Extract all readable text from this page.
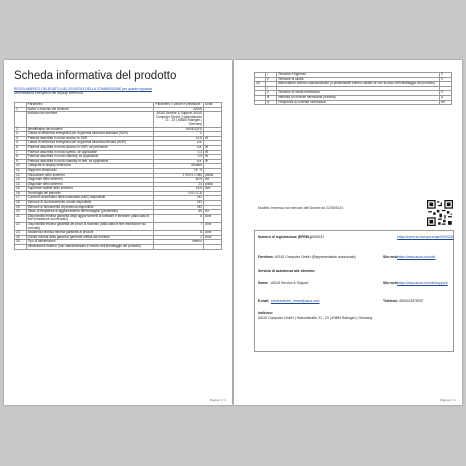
Scheda informativa del prodotto
REGOLAMENTO DELEGATO (UE) 2019/2013 DELLA COMMISSIONE per quanto riguarda
l'etichettatura energetica dei display elettronici
	Parametro	Parametro o valore e precisione	Unità
1.	Nome o marchio del fornitore	ASUS	
	Indirizzo del fornitore	ASUS Service & Support, ASUS Computer GmbH | Harkortstraße 21 - 23 | 40880 Ratingen | Germany	
2.	Identificativo del modello	VA24DQFS	
3.	Classe di efficienza energetica per la gamma dinamica standard (SDR)	C	
4.	Potenza assorbita in modo acceso in SDR	12.6	W
5.	Classe di efficienza energetica per la gamma dinamica elevata (HDR)	n.a.	
6.	Potenza assorbita in modo acceso in HDR, se pertinente	n.a.	W
7.	Potenza assorbita in modo spento, se applicabile	0.3	W
8.	Potenza assorbita in modo standby, se applicabile	0.5	W
9.	Potenza assorbita in modo standby in rete, se applicabile	n.a.	W
10.	Categoria di display elettronico	Monitor	
11.	Rapporto dimensioni	16 : 9	
12.	Risoluzione dello schermo	1 920 x 1 080	pixels
13.	Diagonale dello schermo	60.5	cm
14.	Diagonale dello schermo	24	pollici
15.	Superficie visibile dello schermo	15.6	dm²
16.	Tecnologia del pannello	LED LCD	
17.	Controllo automatico della luminosità (ABC) disponibile	NO	
18.	Sensore di riconoscimento vocale disponibile	NO	
19.	Sensore di rilevamento di presenza disponibile	NO	
20.	Tasso di frequenza di aggiornamento dell'immagine (predefinito)	60	Hz
21.	Disponibilità minima garantita degli aggiornamenti di software e firmware (dalla data di fine immissione sul mercato)	8	Anni
22.	Disponibilità minima garantita dei pezzi di ricambio (dalla data di fine immissione sul mercato)	7	Anni
23.	Assistenza tecnica minima garantita ai prodotti	8	Anni
24.	Durata minima della garanzia generale offerta dal fornitore	2	Anni
25.	Tipo di alimentatore	Interno	
	Alimentatore esterno (non standardizzato e incluso nell'imballaggio del prodotto)		
Pagina 1 / 2
	i	Tensione d'ingresso	V
	ii	Tensione di uscita	V
26.		Alimentatore esterno standardizzato (o alimentatore esterno adatto se non incluso nell'imballaggio del prodotto)	
	i		
	ii	Tensione di uscita necessaria	V
	iii	Intensità di corrente necessaria (minima)	A
	iv	Frequenza di corrente necessaria	Hz
Modello immesso sul mercato dell'Unione da 22/05/2024
Numero di registrazione (EPREL):
2009231	https://eprel.ec.europa.eu/qr/2009230
Fornitore: ASUS Computer GmbH (Rappresentante autorizzato)	Sito web:
https://www.asus.com/de/
Servizio di assistenza alle clientele:
Nome: ASUS Service & Support	Sito web:
https://www.asus.com/de/support/
E-mail: servicecenter_emea@asus.com	Telefono: 4902102578937
Indirizzo:
ASUS Computer GmbH | Harkortstraße 21 - 23 | 40880 Ratingen | Germany
Pagina 2 / 2
